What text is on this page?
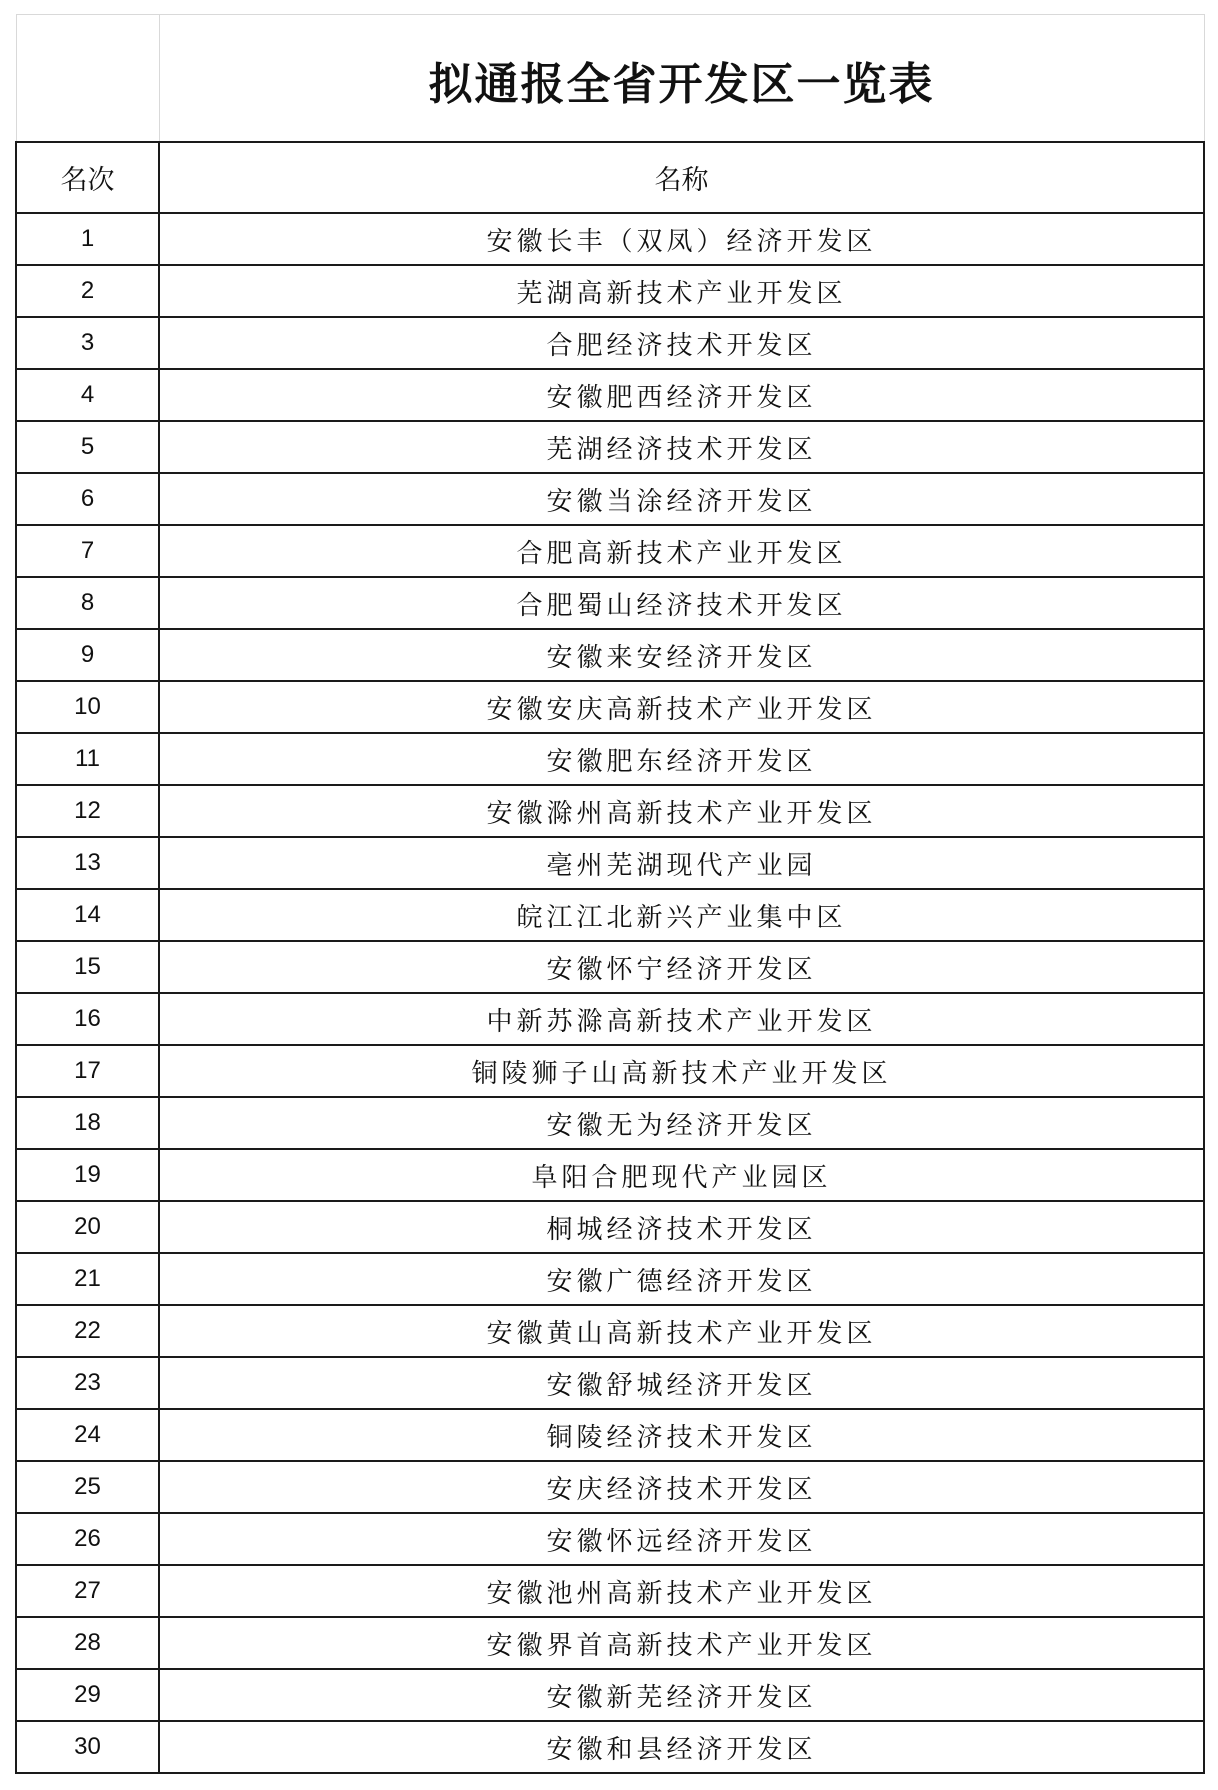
	拟通报全省开发区一览表
名次	名称
1	安徽长丰（双凤）经济开发区
2	芜湖高新技术产业开发区
3	合肥经济技术开发区
4	安徽肥西经济开发区
5	芜湖经济技术开发区
6	安徽当涂经济开发区
7	合肥高新技术产业开发区
8	合肥蜀山经济技术开发区
9	安徽来安经济开发区
10	安徽安庆高新技术产业开发区
11	安徽肥东经济开发区
12	安徽滁州高新技术产业开发区
13	亳州芜湖现代产业园
14	皖江江北新兴产业集中区
15	安徽怀宁经济开发区
16	中新苏滁高新技术产业开发区
17	铜陵狮子山高新技术产业开发区
18	安徽无为经济开发区
19	阜阳合肥现代产业园区
20	桐城经济技术开发区
21	安徽广德经济开发区
22	安徽黄山高新技术产业开发区
23	安徽舒城经济开发区
24	铜陵经济技术开发区
25	安庆经济技术开发区
26	安徽怀远经济开发区
27	安徽池州高新技术产业开发区
28	安徽界首高新技术产业开发区
29	安徽新芜经济开发区
30	安徽和县经济开发区
